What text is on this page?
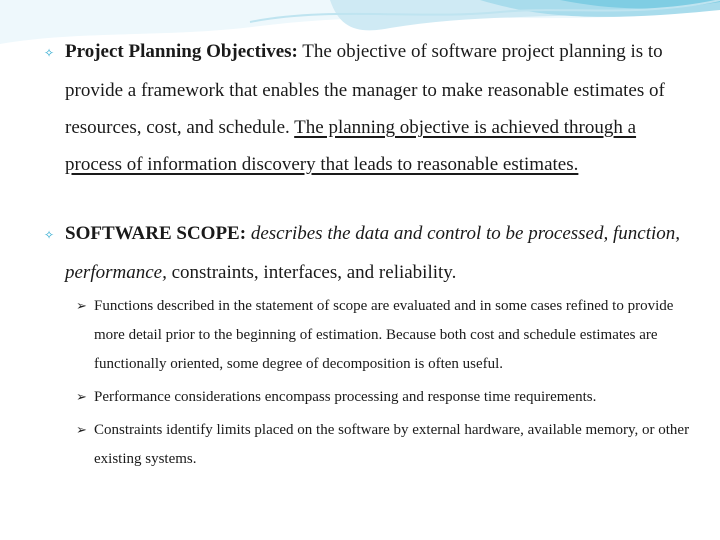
✧ Project Planning Objectives: The objective of software project planning is to provide a framework that enables the manager to make reasonable estimates of resources, cost, and schedule. The planning objective is achieved through a process of information discovery that leads to reasonable estimates.
✧ SOFTWARE SCOPE: describes the data and control to be processed, function, performance, constraints, interfaces, and reliability.
➢ Functions described in the statement of scope are evaluated and in some cases refined to provide more detail prior to the beginning of estimation. Because both cost and schedule estimates are functionally oriented, some degree of decomposition is often useful.
➢ Performance considerations encompass processing and response time requirements.
➢ Constraints identify limits placed on the software by external hardware, available memory, or other existing systems.
